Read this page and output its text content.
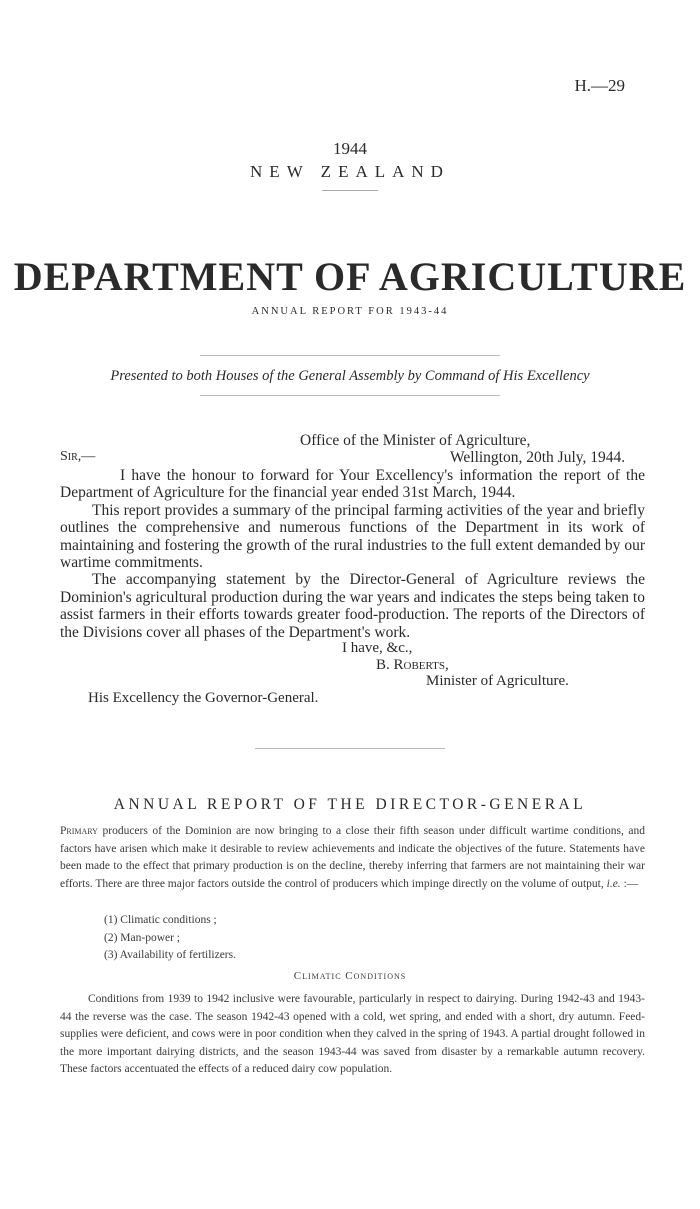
H.—29
1944
NEW ZEALAND
DEPARTMENT OF AGRICULTURE
ANNUAL REPORT FOR 1943-44
Presented to both Houses of the General Assembly by Command of His Excellency
Office of the Minister of Agriculture,
Wellington, 20th July, 1944.
Sir,—

I have the honour to forward for Your Excellency's information the report of the Department of Agriculture for the financial year ended 31st March, 1944.

This report provides a summary of the principal farming activities of the year and briefly outlines the comprehensive and numerous functions of the Department in its work of maintaining and fostering the growth of the rural industries to the full extent demanded by our wartime commitments.

The accompanying statement by the Director-General of Agriculture reviews the Dominion's agricultural production during the war years and indicates the steps being taken to assist farmers in their efforts towards greater food-production. The reports of the Directors of the Divisions cover all phases of the Department's work.

I have, &c.,
B. Roberts,
Minister of Agriculture.
His Excellency the Governor-General.
ANNUAL REPORT OF THE DIRECTOR-GENERAL

Primary producers of the Dominion are now bringing to a close their fifth season under difficult wartime conditions, and factors have arisen which make it desirable to review achievements and indicate the objectives of the future. Statements have been made to the effect that primary production is on the decline, thereby inferring that farmers are not maintaining their war efforts. There are three major factors outside the control of producers which impinge directly on the volume of output, i.e. :—

(1) Climatic conditions ;
(2) Man-power ;
(3) Availability of fertilizers.
Climatic Conditions

Conditions from 1939 to 1942 inclusive were favourable, particularly in respect to dairying. During 1942-43 and 1943-44 the reverse was the case. The season 1942-43 opened with a cold, wet spring, and ended with a short, dry autumn. Feed-supplies were deficient, and cows were in poor condition when they calved in the spring of 1943. A partial drought followed in the more important dairying districts, and the season 1943-44 was saved from disaster by a remarkable autumn recovery. These factors accentuated the effects of a reduced dairy cow population.
